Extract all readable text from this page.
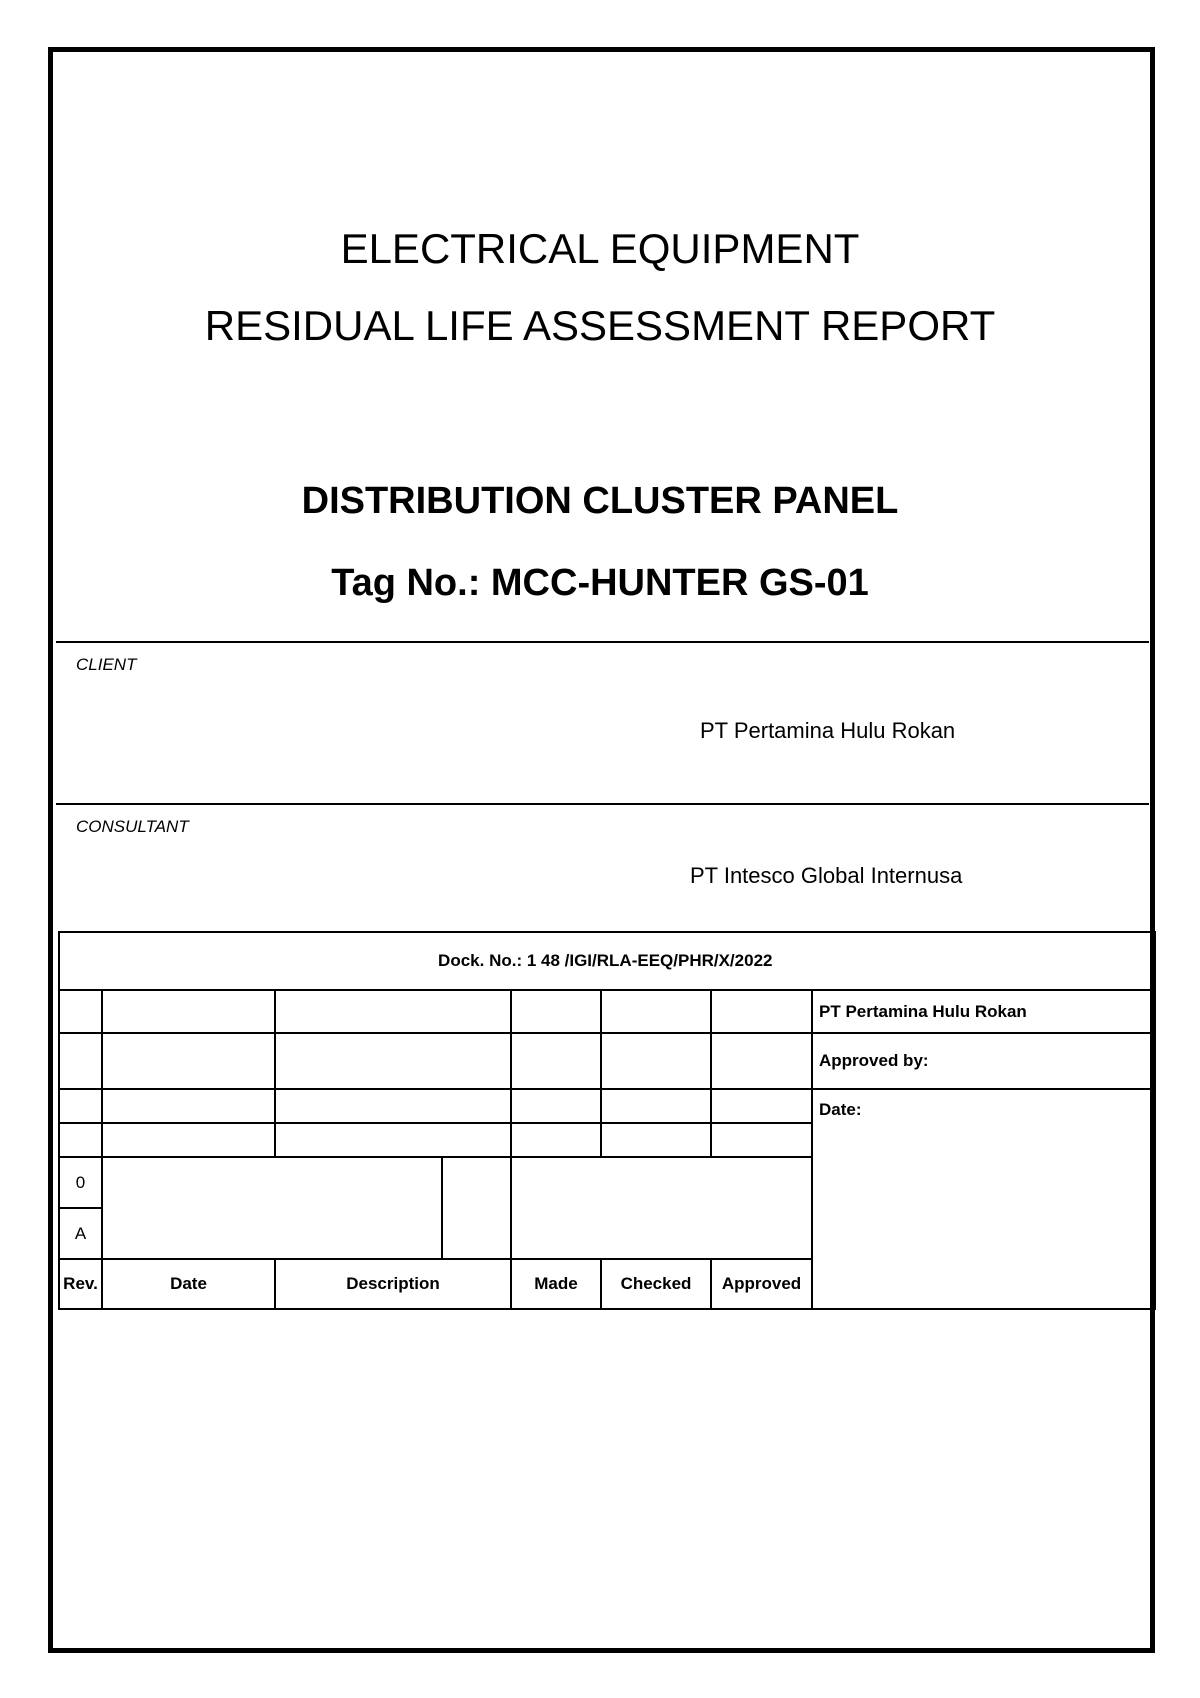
ELECTRICAL EQUIPMENT
RESIDUAL LIFE ASSESSMENT REPORT
DISTRIBUTION CLUSTER PANEL
Tag No.: MCC-HUNTER GS-01
CLIENT
PT Pertamina Hulu Rokan
CONSULTANT
PT Intesco Global Internusa
Dock. No.: 1 48 /IGI/RLA-EEQ/PHR/X/2022						
						PT Pertamina Hulu Rokan
						Approved by:
						Date:

0				

A						
Rev.	Date	Description	Made	Checked	Approved	
